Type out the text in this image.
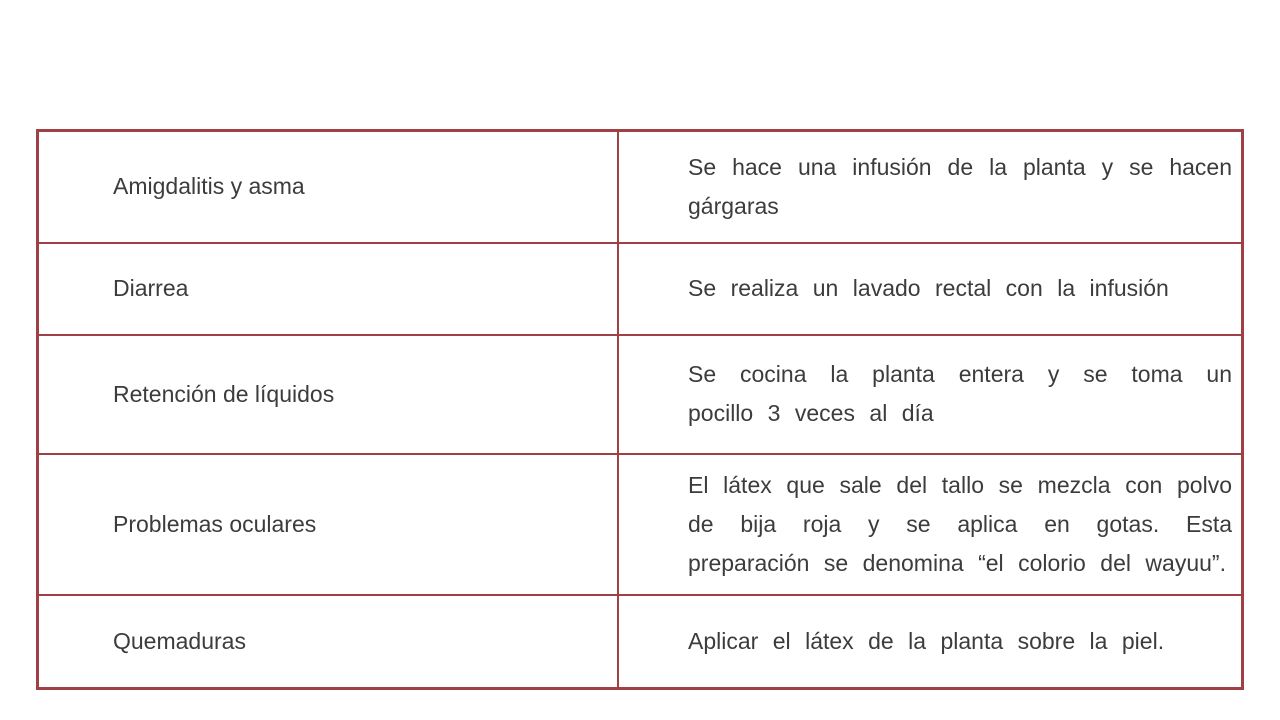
Amigdalitis y asma	Se hace una infusión de la planta y se hacen gárgaras
Diarrea	Se realiza un lavado rectal con la infusión
Retención de líquidos	Se cocina la planta entera y se toma un pocillo 3 veces al día
Problemas oculares	El látex que sale del tallo se mezcla con polvo de bija roja y se aplica en gotas. Esta preparación se denomina “el colorio del wayuu”.
Quemaduras	Aplicar el látex de la planta sobre la piel.
